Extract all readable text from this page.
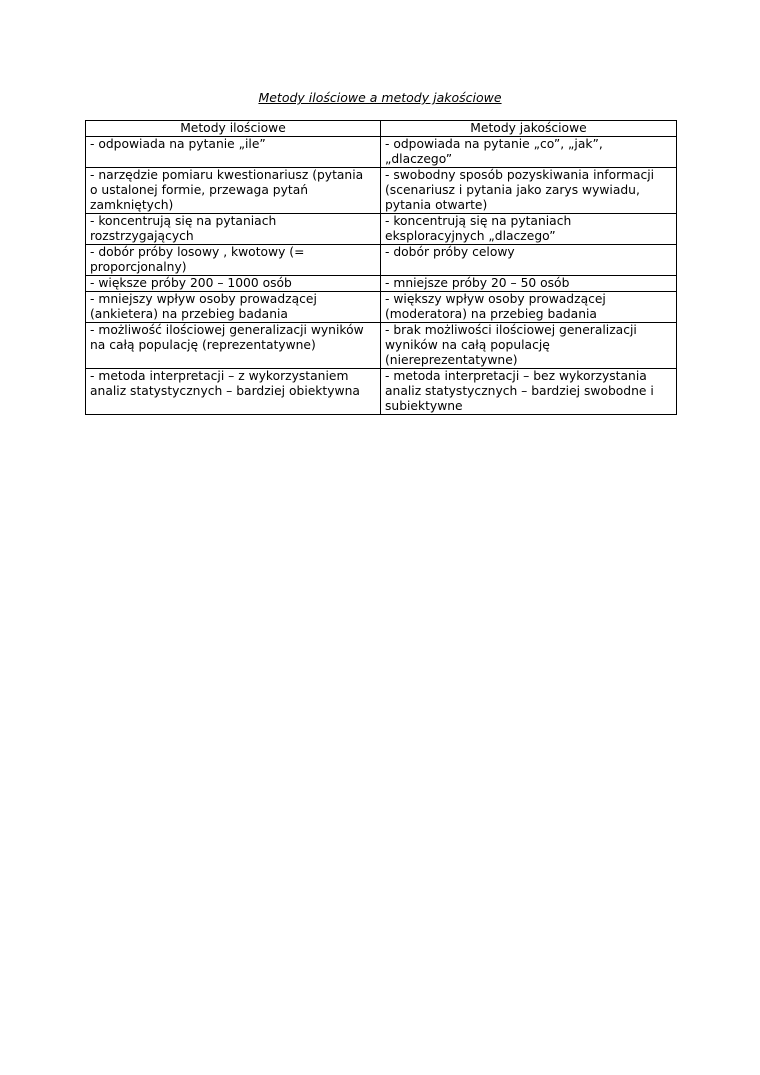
Metody ilościowe a metody jakościowe
Metody ilościowe	Metody jakościowe
- odpowiada na pytanie „ile”	- odpowiada na pytanie „co”, „jak”,
„dlaczego”
- narzędzie pomiaru kwestionariusz (pytania
o ustalonej formie, przewaga pytań
zamkniętych)	- swobodny sposób pozyskiwania informacji
(scenariusz i pytania jako zarys wywiadu,
pytania otwarte)
- koncentrują się na pytaniach
rozstrzygających	- koncentrują się na pytaniach
eksploracyjnych „dlaczego”
- dobór próby losowy , kwotowy (=
proporcjonalny)	- dobór próby celowy
- większe próby 200 – 1000 osób	- mniejsze próby 20 – 50 osób
- mniejszy wpływ osoby prowadzącej
(ankietera) na przebieg badania	- większy wpływ osoby prowadzącej
(moderatora) na przebieg badania
- możliwość ilościowej generalizacji wyników
na całą populację (reprezentatywne)	- brak możliwości ilościowej generalizacji
wyników na całą populację
(niereprezentatywne)
- metoda interpretacji – z wykorzystaniem
analiz statystycznych – bardziej obiektywna	- metoda interpretacji – bez wykorzystania
analiz statystycznych – bardziej swobodne i
subiektywne
